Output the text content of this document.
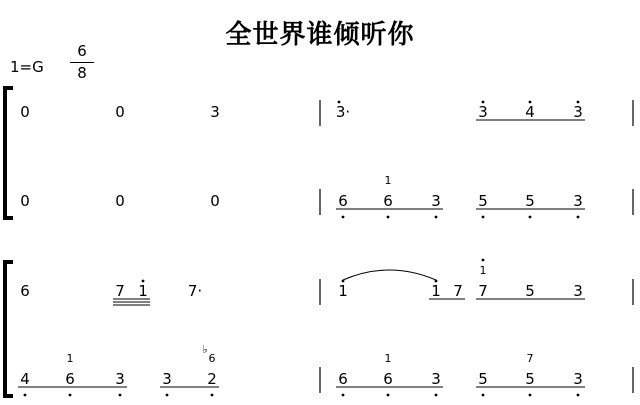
全世界谁倾听你
1=G
6
8
0	0	3	3·	3 4	3
0	0	0	6 6
1
3 5 5	3
6	7 1	7·	1	1 7 7
1
5	3
4 6
1
3 3 2
6
6 6
1
3 5 5
7
3
♭
